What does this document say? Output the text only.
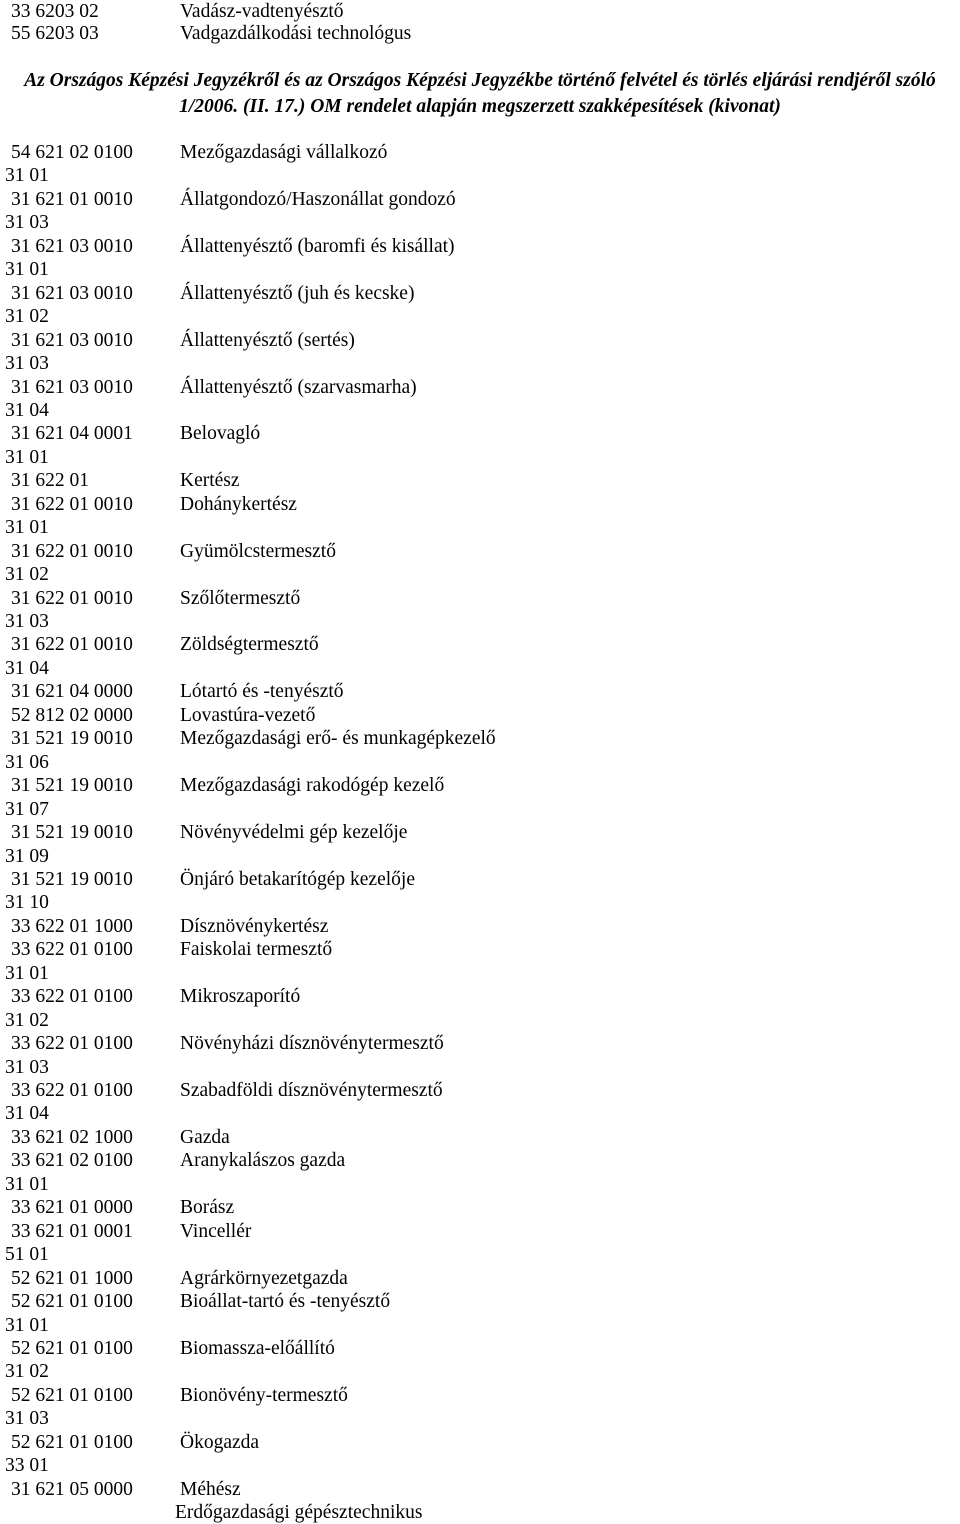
33 6203 02	Vadász-vadtenyésztő
55 6203 03	Vadgazdálkodási technológus
Az Országos Képzési Jegyzékről és az Országos Képzési Jegyzékbe történő felvétel és törlés eljárási rendjéről szóló
1/2006. (II. 17.) OM rendelet alapján megszerzett szakképesítések (kivonat)
54 621 02 0100 Mezőgazdasági vállalkozó
31 01
31 621 01 0010 Állatgondozó/Haszonállat gondozó
31 03
31 621 03 0010 Állattenyésztő (baromfi és kisállat)
31 01
31 621 03 0010 Állattenyésztő (juh és kecske)
31 02
31 621 03 0010 Állattenyésztő (sertés)
31 03
31 621 03 0010 Állattenyésztő (szarvasmarha)
31 04
31 621 04 0001 Belovagló
31 01
31 622 01	Kertész
31 622 01 0010 Dohánykertész
31 01
31 622 01 0010 Gyümölcstermesztő
31 02
31 622 01 0010 Szőlőtermesztő
31 03
31 622 01 0010 Zöldségtermesztő
31 04
31 621 04 0000 Lótartó és -tenyésztő
52 812 02 0000 Lovastúra-vezető
31 521 19 0010 Mezőgazdasági erő- és munkagépkezelő
31 06
31 521 19 0010 Mezőgazdasági rakodógép kezelő
31 07
31 521 19 0010 Növényvédelmi gép kezelője
31 09
31 521 19 0010 Önjáró betakarítógép kezelője
31 10
33 622 01 1000 Dísznövénykertész
33 622 01 0100 Faiskolai termesztő
31 01
33 622 01 0100 Mikroszaporító
31 02
33 622 01 0100 Növényházi dísznövénytermesztő
31 03
33 622 01 0100 Szabadföldi dísznövénytermesztő
31 04
33 621 02 1000 Gazda
33 621 02 0100 Aranykalászos gazda
31 01
33 621 01 0000 Borász
33 621 01 0001 Vincellér
51 01
52 621 01 1000 Agrárkörnyezetgazda
52 621 01 0100 Bioállat-tartó és -tenyésztő
31 01
52 621 01 0100 Biomassza-előállító
31 02
52 621 01 0100 Bionövény-termesztő
31 03
52 621 01 0100 Ökogazda
33 01
31 621 05 0000 Méhész
Erdőgazdasági gépésztechnikus
